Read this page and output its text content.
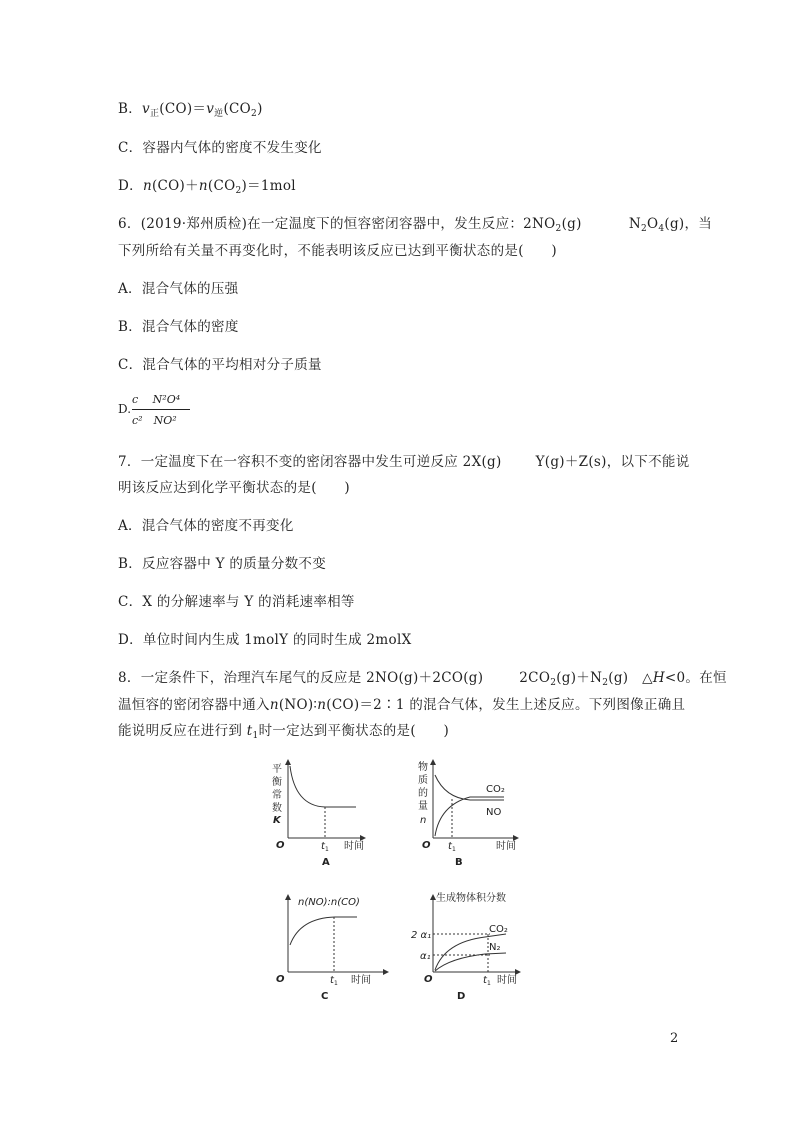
B．$v_正(CO)=v_逆(CO_2)$
C．容器内气体的密度不发生变化
D．$n(CO)+n(CO_2)=1mol$
6．(2019·郑州质检)在一定温度下的恒容密闭容器中，发生反应：$2NO_2(g)$	$N_2O_4(g)$，当
下列所给有关量不再变化时，不能表明该反应已达到平衡状态的是(　　)
A．混合气体的压强
B．混合气体的密度
C．混合气体的平均相对分子质量
D.
c　 N²O⁴
c²　NO²
7．一定温度下在一容积不变的密闭容器中发生可逆反应 2X(g)	Y(g)＋Z(s)，以下不能说
明该反应达到化学平衡状态的是(　　)
A．混合气体的密度不再变化
B．反应容器中 Y 的质量分数不变
C．X 的分解速率与 Y 的消耗速率相等
D．单位时间内生成 1molY 的同时生成 2molX
8．一定条件下，治理汽车尾气的反应是 2NO(g)＋2CO(g)	$2CO_2(g)+N_2(g)$　△H<0。在恒
温恒容的密闭容器中通入n(NO)∶n(CO)＝2∶1 的混合气体，发生上述反应。下列图像正确且
能说明反应在进行到 $t_1$时一定达到平衡状态的是(　　)
平
衡
常
数
K
O	t 1 时间
A
物
质
的
量
n
O t 1	时间
CO₂
NO
B
n(NO):n(CO)
O	t 1 时间
C
生成物体积分数
2 α₁
α₁
O	t 1 时间
CO₂
N₂
D
2
